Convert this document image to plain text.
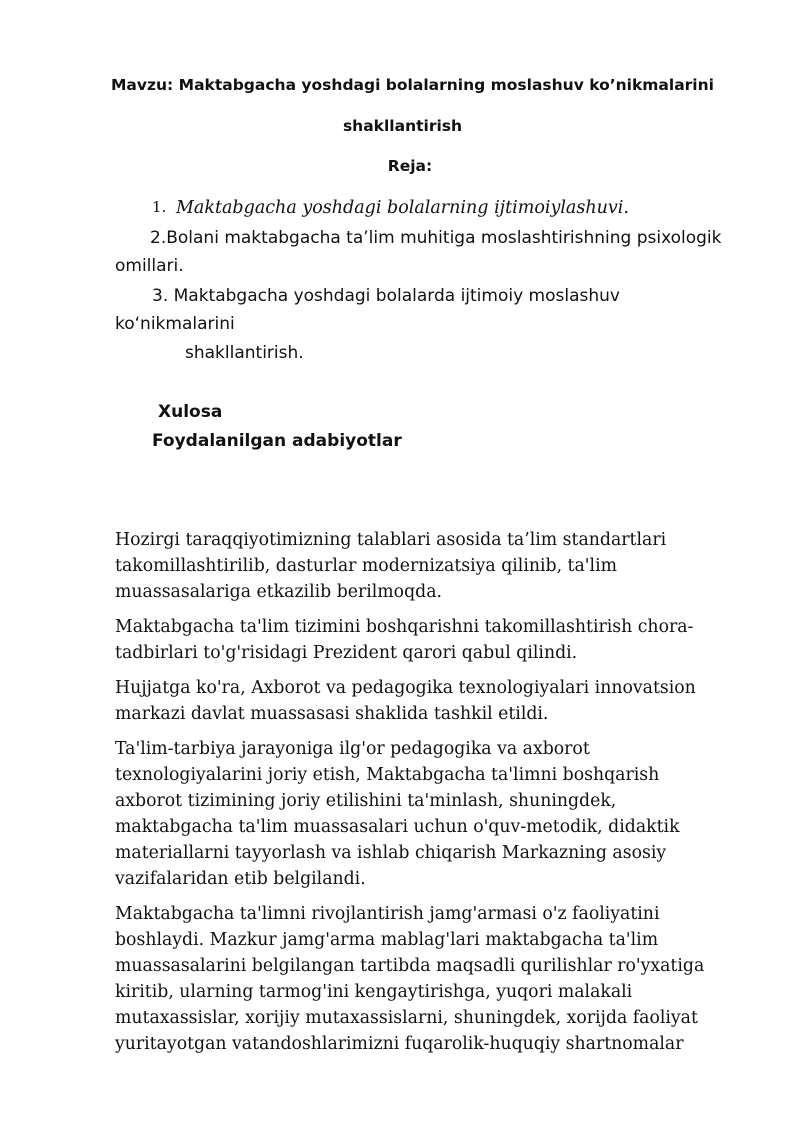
Mavzu: Maktabgacha yoshdagi bolalarning moslashuv ko’nikmalarini
shakllantirish
Reja:
1. Maktabgacha yoshdagi bolalarning ijtimoiylashuvi.
2.Bolani maktabgacha ta’lim muhitiga moslashtirishning psixologik
omillari.
3. Maktabgacha yoshdagi bolalarda ijtimoiy moslashuv
ko‘nikmalarini
shakllantirish.
Xulosa
Foydalanilgan adabiyotlar

Hozirgi taraqqiyotimizning talablari asosida ta’lim standartlari takomillashtirilib, dasturlar modernizatsiya qilinib, ta'lim muassasalariga etkazilib berilmoqda.

Maktabgacha ta'lim tizimini boshqarishni takomillashtirish chora-tadbirlari to'g'risidagi Prezident qarori qabul qilindi.

Hujjatga ko'ra, Axborot va pedagogika texnologiyalari innovatsion markazi davlat muassasasi shaklida tashkil etildi.

Ta'lim-tarbiya jarayoniga ilg'or pedagogika va axborot texnologiyalarini joriy etish, Maktabgacha ta'limni boshqarish axborot tizimining joriy etilishini ta'minlash, shuningdek, maktabgacha ta'lim muassasalari uchun o'quv-metodik, didaktik materiallarni tayyorlash va ishlab chiqarish Markazning asosiy vazifalaridan etib belgilandi.

Maktabgacha ta'limni rivojlantirish jamg'armasi o'z faoliyatini boshlaydi. Mazkur jamg'arma mablag'lari maktabgacha ta'lim muassasalarini belgilangan tartibda maqsadli qurilishlar ro'yxatiga kiritib, ularning tarmog'ini kengaytirishga, yuqori malakali mutaxassislar, xorijiy mutaxassislarni, shuningdek, xorijda faoliyat yuritayotgan vatandoshlarimizni fuqarolik-huquqiy shartnomalar
